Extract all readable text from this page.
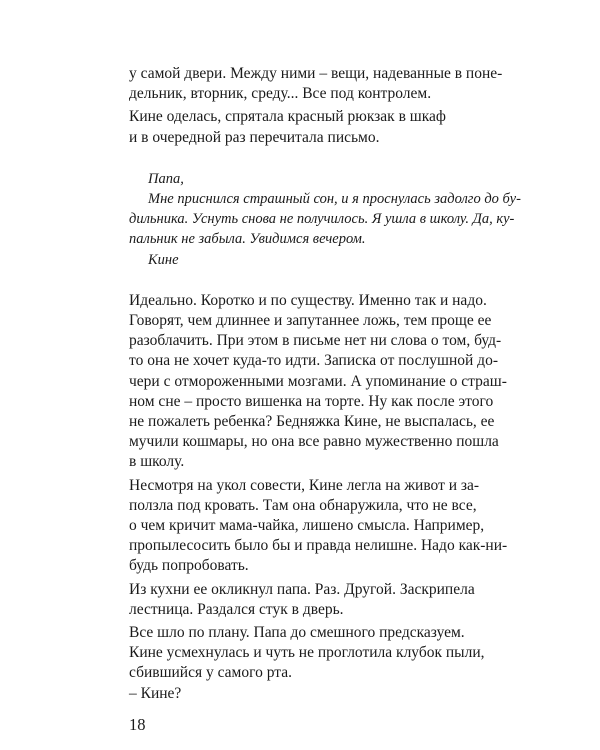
у самой двери. Между ними – вещи, надеванные в поне-

дельник, вторник, среду... Все под контролем.

Кине оделась, спрятала красный рюкзак в шкаф

и в очередной раз перечитала письмо.

Папа,

Мне приснился страшный сон, и я проснулась задолго до бу-

дильника. Уснуть снова не получилось. Я ушла в школу. Да, ку-

пальник не забыла. Увидимся вечером.

Кине

Идеально. Коротко и по существу. Именно так и надо.

Говорят, чем длиннее и запутаннее ложь, тем проще ее

разоблачить. При этом в письме нет ни слова о том, буд-

то она не хочет куда-то идти. Записка от послушной до-

чери с отмороженными мозгами. А упоминание о страш-

ном сне – просто вишенка на торте. Ну как после этого

не пожалеть ребенка? Бедняжка Кине, не выспалась, ее

мучили кошмары, но она все равно мужественно пошла

в школу.

Несмотря на укол совести, Кине легла на живот и за-

ползла под кровать. Там она обнаружила, что не все,

о чем кричит мама-чайка, лишено смысла. Например,

пропылесосить было бы и правда нелишне. Надо как-ни-

будь попробовать.

Из кухни ее окликнул папа. Раз. Другой. Заскрипела

лестница. Раздался стук в дверь.

Все шло по плану. Папа до смешного предсказуем.

Кине усмехнулась и чуть не проглотила клубок пыли,

сбившийся у самого рта.

– Кине?

18
